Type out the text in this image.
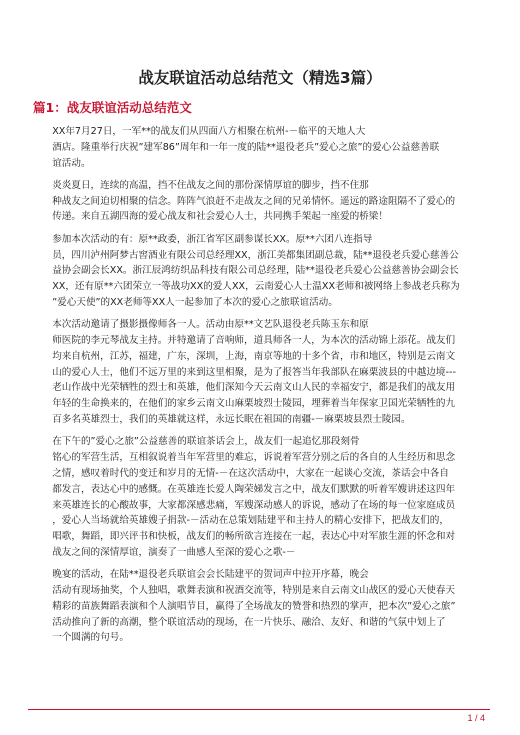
战友联谊活动总结范文（精选3篇）
篇1：战友联谊活动总结范文

XX年7月27日，一军**的战友们从四面八方相聚在杭州-－临平的天地人大
酒店。隆重举行庆祝”建军86”周年和一年一度的陆**退役老兵”爱心之旅”的爱心公益慈善联
谊活动。

炎炎夏日，连续的高温，挡不住战友之间的那份深情厚谊的脚步，挡不住那
种战友之间迫切相聚的信念。阵阵气浪赶不走战友之间的兄弟情怀。遥远的路途阻隔不了爱心的
传递。来自五湖四海的爱心战友和社会爱心人士，共同携手架起一座爱的桥梁！

参加本次活动的有：原**政委，浙江省军区副参谋长XX。原**六团八连指导
员，四川泸州阿梦古窖酒业有限公司总经理XX，浙江美都集团副总裁，陆**退役老兵爱心慈善公
益协会副会长XX。浙江辰鸿纺织品科技有限公司总经理，陆**退役老兵爱心公益慈善协会副会长
XX，还有原**六团荣立一等战功XX的爱人XX，云南爱心人士温XX老师和被网络上参战老兵称为
”爱心天使”的XX老师等XX人一起参加了本次的爱心之旅联谊活动。

本次活动邀请了摄影摄像师各一人。活动由原**文艺队退役老兵陈玉东和原
师医院的李元琴战友主持。并特邀请了音响师，道具师各一人，为本次的活动锦上添花。战友们
均来自杭州，江苏，福建，广东，深圳，上海，南京等地的十多个省，市和地区，特别是云南文
山的爱心人士，他们不远万里的来到这里相聚，是为了报答当年我部队在麻栗波县的中越边境---
老山作战中光荣牺牲的烈士和英雄，他们深知今天云南文山人民的幸福安宁，都是我们的战友用
年轻的生命换来的，在他们的家乡云南文山麻栗坡烈士陵园，埋葬着当年保家卫国光荣牺牲的九
百多名英雄烈士，我们的英雄就这样，永远长眠在祖国的南疆-－麻栗坡县烈士陵园。

在下午的”爱心之旅”公益慈善的联谊茶话会上，战友们一起追忆那段刻骨
铭心的军营生活，互相叙说着当年军营里的难忘，诉说着军营分别之后的各自的人生经历和思念
之情，感叹着时代的变迁和岁月的无情-－在这次活动中，大家在一起谈心交流，茶话会中各自
都发言，表达心中的感慨。在英雄连长爱人陶荣娣发言之中，战友们默默的听着军嫂讲述这四年
来英雄连长的心酸故事，大家都深感悲痛，军嫂深动感人的诉说，感动了在场的每一位家庭成员
，爱心人当场就给英雄嫂子捐款-－活动在总策划陆建平和主持人的精心安排下，把战友们的，
唱歌，舞蹈，即兴评书和快板，战友们的畅所欲言连接在一起，表达心中对军旅生涯的怀念和对
战友之间的深情厚谊，演奏了一曲感人至深的爱心之歌-－

晚宴的活动，在陆**退役老兵联谊会会长陆建平的贺词声中拉开序幕，晚会
活动有现场抽奖，个人独唱，歌舞表演和祝酒交流等，特别是来自云南文山战区的爱心天使春天
精彩的苗族舞蹈表演和个人演唱节目，赢得了全场战友的赞誉和热烈的掌声，把本次”爱心之旅”
活动推向了新的高潮，整个联谊活动的现场，在一片快乐、融洽、友好、和谐的气氛中划上了
一个圆满的句号。

1 / 4
